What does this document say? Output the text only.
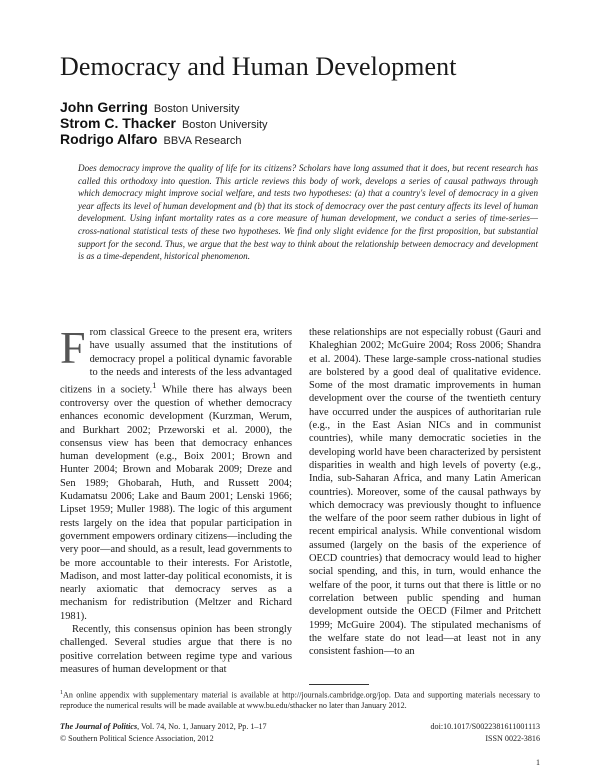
Democracy and Human Development
John Gerring Boston University
Strom C. Thacker Boston University
Rodrigo Alfaro BBVA Research

Does democracy improve the quality of life for its citizens? Scholars have long assumed that it does, but recent research has called this orthodoxy into question. This article reviews this body of work, develops a series of causal pathways through which democracy might improve social welfare, and tests two hypotheses: (a) that a country's level of democracy in a given year affects its level of human development and (b) that its stock of democracy over the past century affects its level of human development. Using infant mortality rates as a core measure of human development, we conduct a series of time-series—cross-national statistical tests of these two hypotheses. We find only slight evidence for the first proposition, but substantial support for the second. Thus, we argue that the best way to think about the relationship between democracy and development is as a time-dependent, historical phenomenon.

From classical Greece to the present era, writers have usually assumed that the institutions of democracy propel a political dynamic favorable to the needs and interests of the less advantaged citizens in a society.$^1$ While there has always been controversy over the question of whether democracy enhances economic development (Kurzman, Werum, and Burkhart 2002; Przeworski et al. 2000), the consensus view has been that democracy enhances human development (e.g., Boix 2001; Brown and Hunter 2004; Brown and Mobarak 2009; Dreze and Sen 1989; Ghobarah, Huth, and Russett 2004; Kudamatsu 2006; Lake and Baum 2001; Lenski 1966; Lipset 1959; Muller 1988). The logic of this argument rests largely on the idea that popular participation in government empowers ordinary citizens—including the very poor—and should, as a result, lead governments to be more accountable to their interests. For Aristotle, Madison, and most latter-day political economists, it is nearly axiomatic that democracy serves as a mechanism for redistribution (Meltzer and Richard 1981).

Recently, this consensus opinion has been strongly challenged. Several studies argue that there is no positive correlation between regime type and various measures of human development or that

these relationships are not especially robust (Gauri and Khaleghian 2002; McGuire 2004; Ross 2006; Shandra et al. 2004). These large-sample cross-national studies are bolstered by a good deal of qualitative evidence. Some of the most dramatic improvements in human development over the course of the twentieth century have occurred under the auspices of authoritarian rule (e.g., in the East Asian NICs and in communist countries), while many democratic societies in the developing world have been characterized by persistent disparities in wealth and high levels of poverty (e.g., India, sub-Saharan Africa, and many Latin American countries). Moreover, some of the causal pathways by which democracy was previously thought to influence the welfare of the poor seem rather dubious in light of recent empirical analysis. While conventional wisdom assumed (largely on the basis of the experience of OECD countries) that democracy would lead to higher social spending, and this, in turn, would enhance the welfare of the poor, it turns out that there is little or no correlation between public spending and human development outside the OECD (Filmer and Pritchett 1999; McGuire 2004). The stipulated mechanisms of the welfare state do not lead—at least not in any consistent fashion—to an

$^1$An online appendix with supplementary material is available at http://journals.cambridge.org/jop. Data and supporting materials necessary to reproduce the numerical results will be made available at www.bu.edu/sthacker no later than January 2012.
The Journal of Politics, Vol. 74, No. 1, January 2012, Pp. 1–17
© Southern Political Science Association, 2012
doi:10.1017/S0022381611001113
ISSN 0022-3816
1
